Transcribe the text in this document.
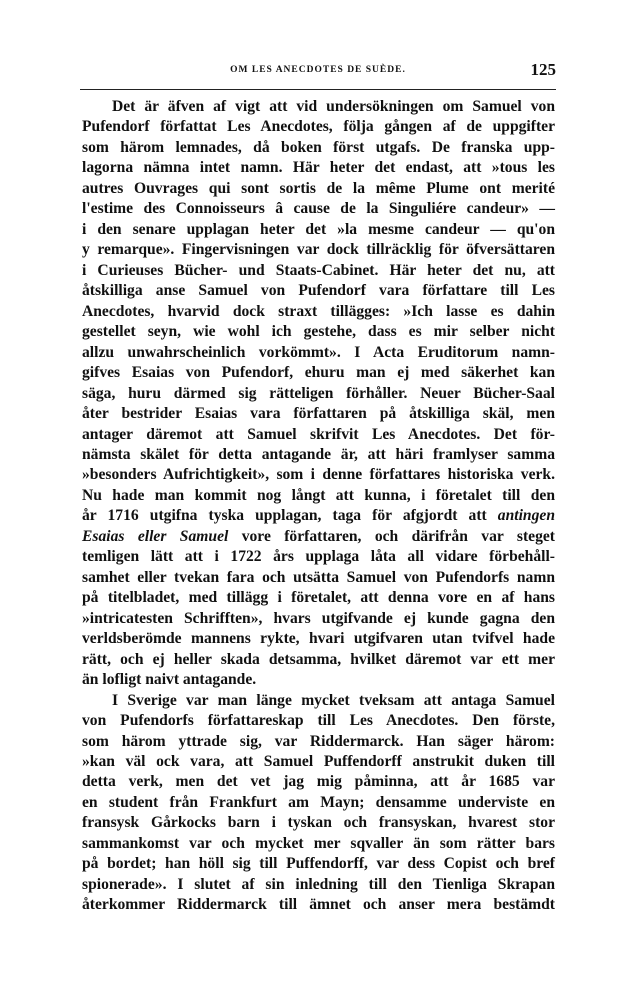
OM LES ANECDOTES DE SUÈDE.	125
Det är äfven af vigt att vid undersökningen om Samuel von
Pufendorf författat Les Anecdotes, följa gången af de uppgifter
som härom lemnades, då boken först utgafs. De franska upp-
lagorna nämna intet namn. Här heter det endast, att »tous les
autres Ouvrages qui sont sortis de la même Plume ont merité
l'estime des Connoisseurs â cause de la Singuliére candeur» —
i den senare upplagan heter det »la mesme candeur — qu'on
y remarque». Fingervisningen var dock tillräcklig för öfversättaren
i Curieuses Bücher- und Staats-Cabinet. Här heter det nu, att
åtskilliga anse Samuel von Pufendorf vara författare till Les
Anecdotes, hvarvid dock straxt tillägges: »Ich lasse es dahin
gestellet seyn, wie wohl ich gestehe, dass es mir selber nicht
allzu unwahrscheinlich vorkömmt». I Acta Eruditorum namn-
gifves Esaias von Pufendorf, ehuru man ej med säkerhet kan
säga, huru därmed sig rätteligen förhåller. Neuer Bücher-Saal
åter bestrider Esaias vara författaren på åtskilliga skäl, men
antager däremot att Samuel skrifvit Les Anecdotes. Det för-
nämsta skälet för detta antagande är, att häri framlyser samma
»besonders Aufrichtigkeit», som i denne författares historiska verk.
Nu hade man kommit nog långt att kunna, i företalet till den
år 1716 utgifna tyska upplagan, taga för afgjordt att antingen
Esaias eller Samuel vore författaren, och därifrån var steget
temligen lätt att i 1722 års upplaga låta all vidare förbehåll-
samhet eller tvekan fara och utsätta Samuel von Pufendorfs namn
på titelbladet, med tillägg i företalet, att denna vore en af hans
»intricatesten Schrifften», hvars utgifvande ej kunde gagna den
verldsberömde mannens rykte, hvari utgifvaren utan tvifvel hade
rätt, och ej heller skada detsamma, hvilket däremot var ett mer
än lofligt naivt antagande.
I Sverige var man länge mycket tveksam att antaga Samuel
von Pufendorfs författareskap till Les Anecdotes. Den förste,
som härom yttrade sig, var Riddermarck. Han säger härom:
»kan väl ock vara, att Samuel Puffendorff anstrukit duken till
detta verk, men det vet jag mig påminna, att år 1685 var
en student från Frankfurt am Mayn; densamme underviste en
fransysk Gårkocks barn i tyskan och fransyskan, hvarest stor
sammankomst var och mycket mer sqvaller än som rätter bars
på bordet; han höll sig till Puffendorff, var dess Copist och bref
spionerade». I slutet af sin inledning till den Tienliga Skrapan
återkommer Riddermarck till ämnet och anser mera bestämdt
